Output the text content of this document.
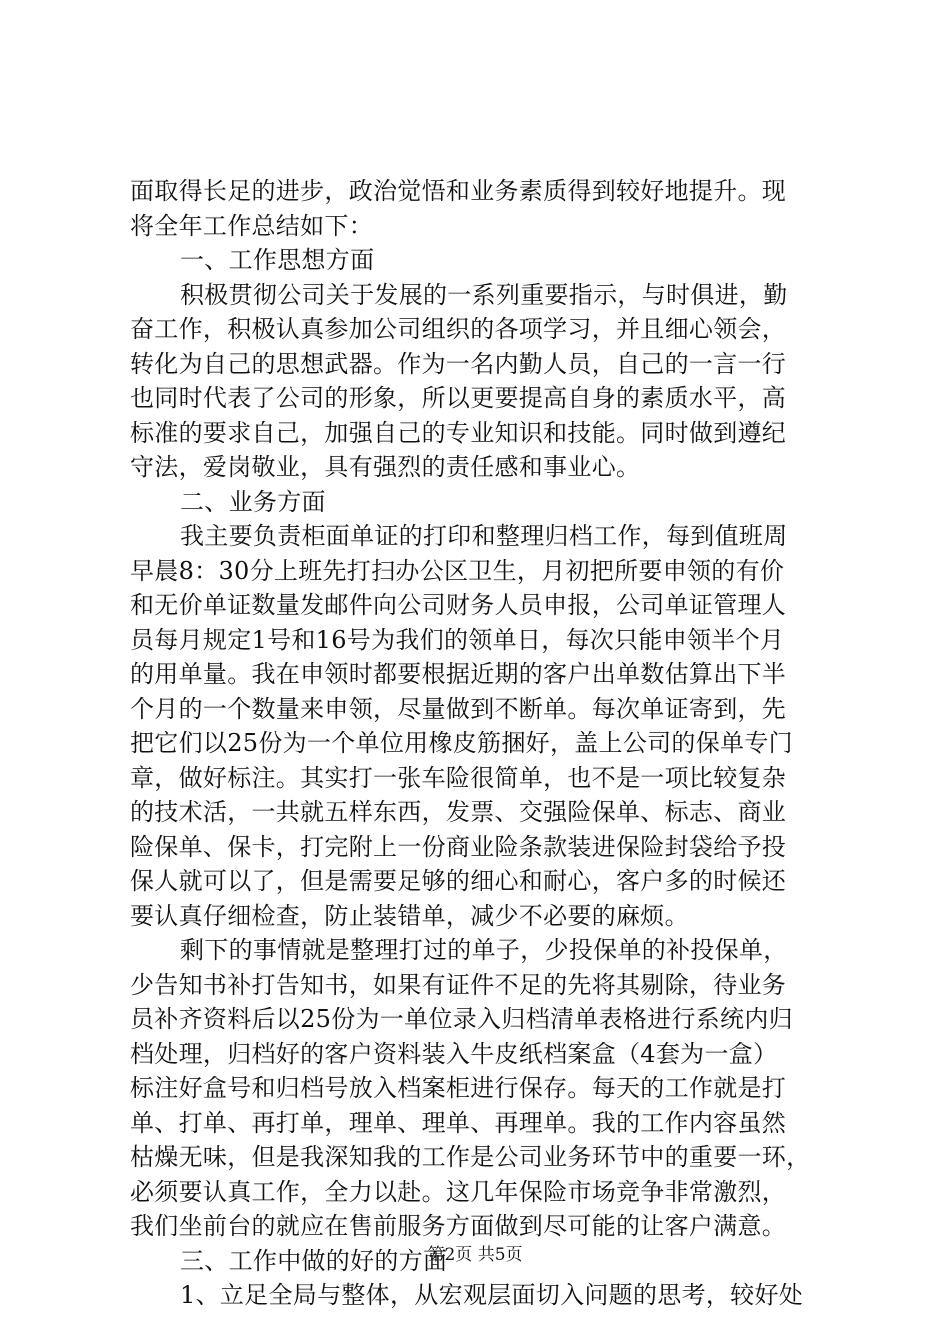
面取得长足的进步，政治觉悟和业务素质得到较好地提升。现
将全年工作总结如下：
一、工作思想方面
积极贯彻公司关于发展的一系列重要指示，与时俱进，勤
奋工作，积极认真参加公司组织的各项学习，并且细心领会，
转化为自己的思想武器。作为一名内勤人员，自己的一言一行
也同时代表了公司的形象，所以更要提高自身的素质水平，高
标准的要求自己，加强自己的专业知识和技能。同时做到遵纪
守法，爱岗敬业，具有强烈的责任感和事业心。
二、业务方面
我主要负责柜面单证的打印和整理归档工作，每到值班周
早晨8：30分上班先打扫办公区卫生，月初把所要申领的有价
和无价单证数量发邮件向公司财务人员申报，公司单证管理人
员每月规定1号和16号为我们的领单日，每次只能申领半个月
的用单量。我在申领时都要根据近期的客户出单数估算出下半
个月的一个数量来申领，尽量做到不断单。每次单证寄到，先
把它们以25份为一个单位用橡皮筋捆好，盖上公司的保单专门
章，做好标注。其实打一张车险很简单，也不是一项比较复杂
的技术活，一共就五样东西，发票、交强险保单、标志、商业
险保单、保卡，打完附上一份商业险条款装进保险封袋给予投
保人就可以了，但是需要足够的细心和耐心，客户多的时候还
要认真仔细检查，防止装错单，减少不必要的麻烦。
剩下的事情就是整理打过的单子，少投保单的补投保单，
少告知书补打告知书，如果有证件不足的先将其剔除，待业务
员补齐资料后以25份为一单位录入归档清单表格进行系统内归
档处理，归档好的客户资料装入牛皮纸档案盒（4套为一盒）
标注好盒号和归档号放入档案柜进行保存。每天的工作就是打
单、打单、再打单，理单、理单、再理单。我的工作内容虽然
枯燥无味，但是我深知我的工作是公司业务环节中的重要一环，
必须要认真工作，全力以赴。这几年保险市场竞争非常激烈，
我们坐前台的就应在售前服务方面做到尽可能的让客户满意。
三、工作中做的好的方面
1、立足全局与整体，从宏观层面切入问题的思考，较好处
第2页 共5页
